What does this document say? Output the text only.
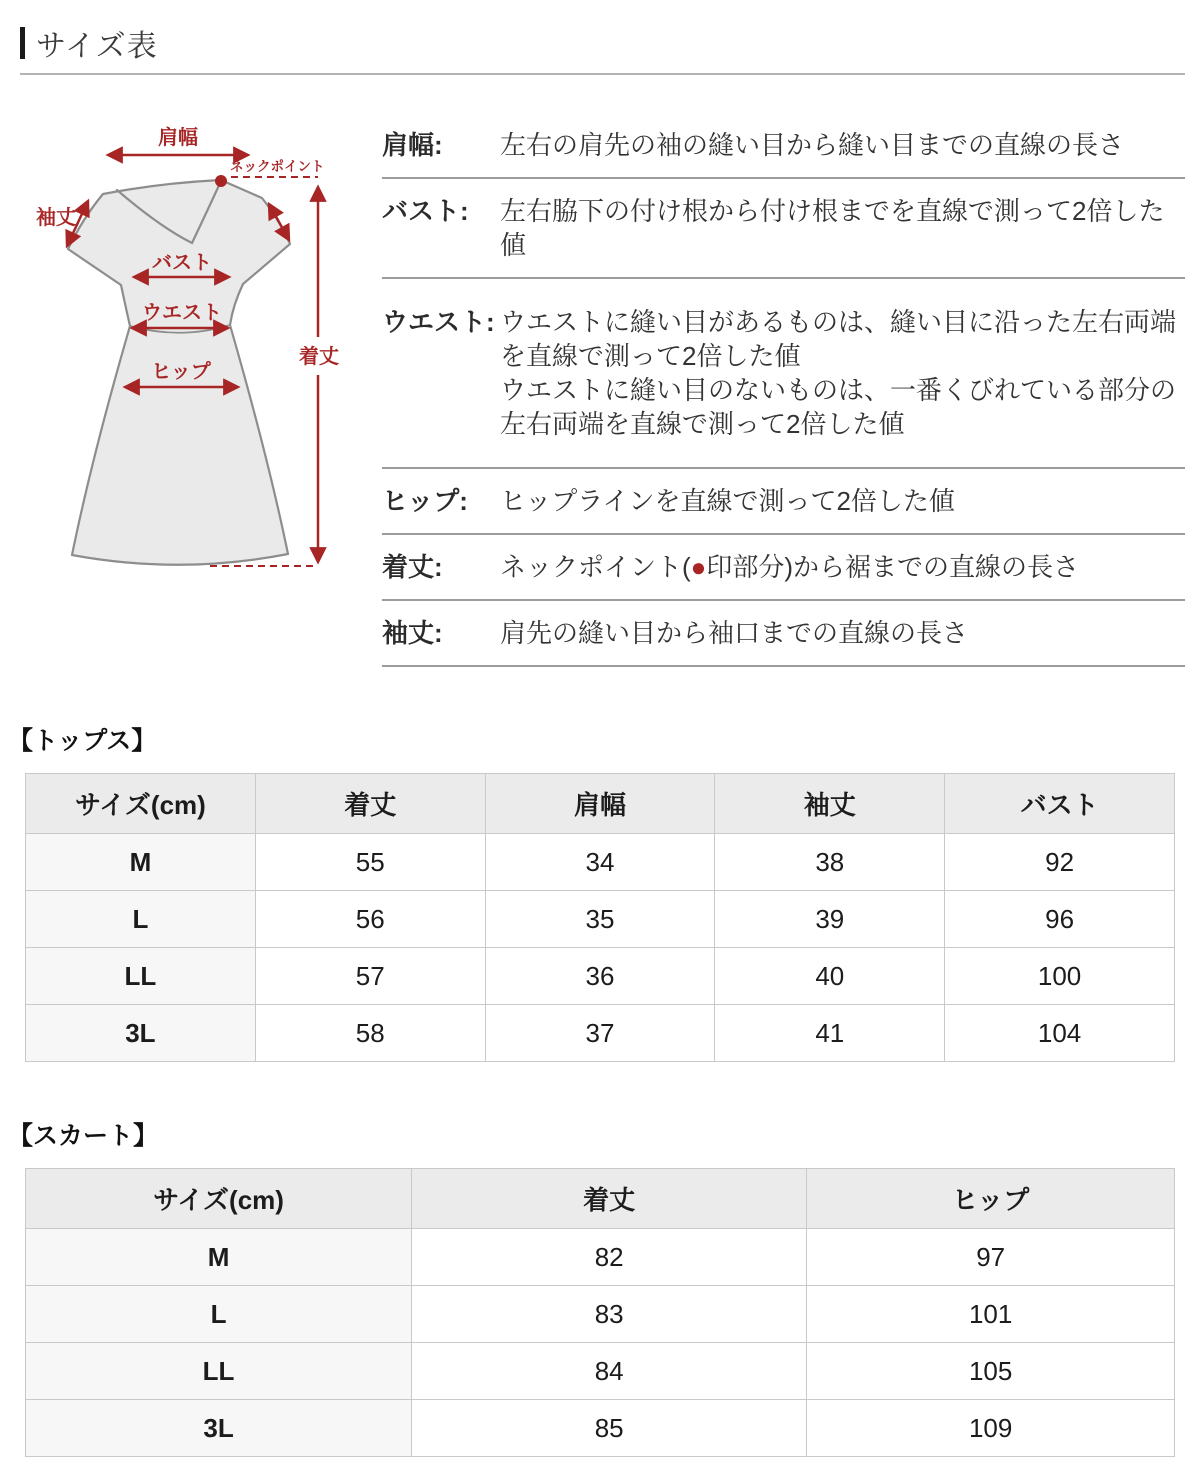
サイズ表
肩幅
ネックポイント
袖丈
バスト
ウエスト
ヒップ
着丈
肩幅:	左右の肩先の袖の縫い目から縫い目までの直線の長さ
バスト:	左右脇下の付け根から付け根までを直線で測って2倍した値
ウエスト: ウエストに縫い目があるものは、縫い目に沿った左右両端を直線で測って2倍した値
ウエストに縫い目のないものは、一番くびれている部分の左右両端を直線で測って2倍した値
ヒップ:	ヒップラインを直線で測って2倍した値
着丈:	ネックポイント(●印部分)から裾までの直線の長さ
袖丈:	肩先の縫い目から袖口までの直線の長さ
【トップス】
サイズ(cm)	着丈	肩幅	袖丈	バスト
M	55	34	38	92
L	56	35	39	96
LL	57	36	40	100
3L	58	37	41	104
【スカート】
サイズ(cm)	着丈	ヒップ
M	82	97
L	83	101
LL	84	105
3L	85	109
